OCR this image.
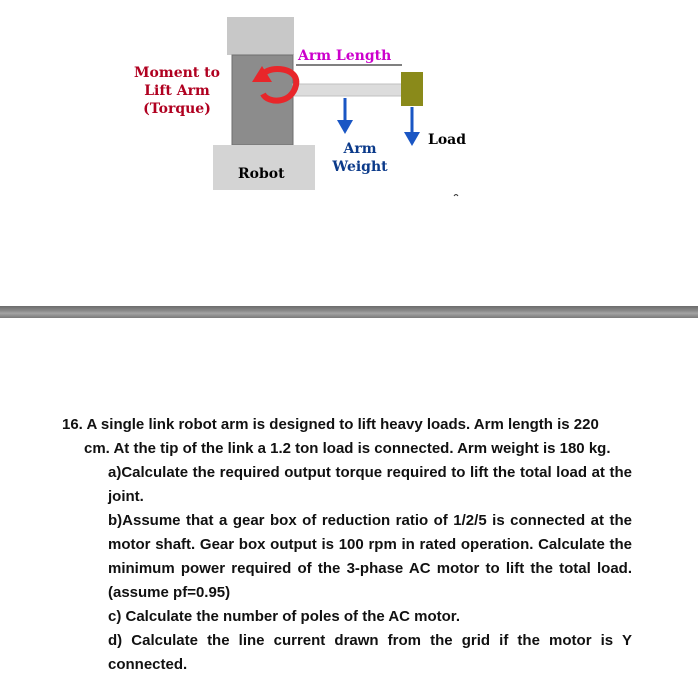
Moment to
Lift Arm
(Torque)
Arm Length
Arm
Weight
Load
Robot

16. A single link robot arm is designed to lift heavy loads. Arm length is 220

cm. At the tip of the link a 1.2 ton load is connected. Arm weight is 180 kg.

a)Calculate the required output torque required to lift the total load at the joint.

b)Assume that a gear box of reduction ratio of 1/2/5 is connected at the motor shaft. Gear box output is 100 rpm in rated operation. Calculate the minimum power required of the 3-phase AC motor to lift the total load. (assume pf=0.95)

c) Calculate the number of poles of the AC motor.

d) Calculate the line current drawn from the grid if the motor is Y connected.
